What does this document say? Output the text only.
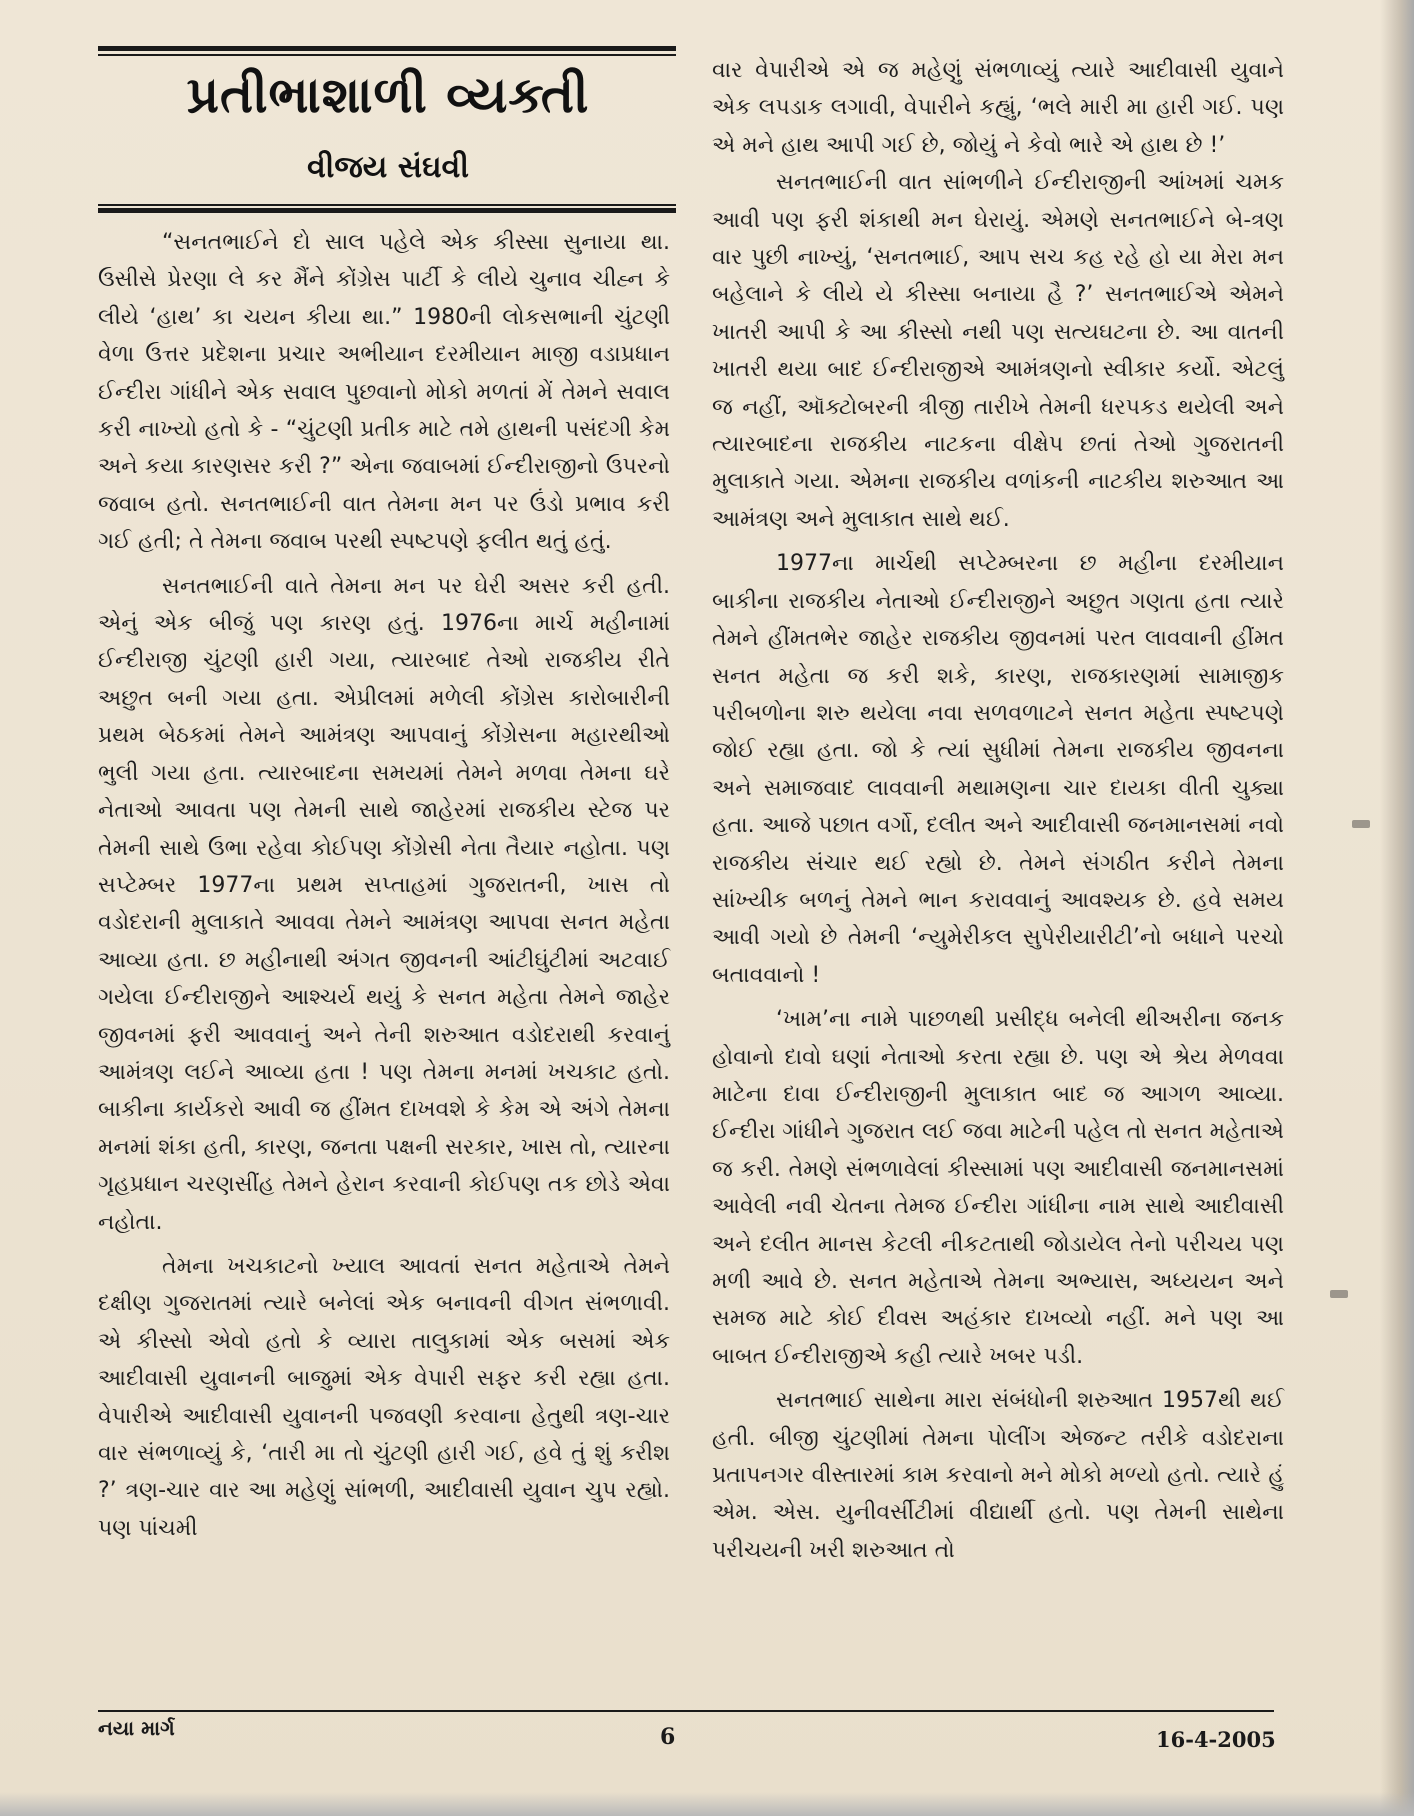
પ્રતીભાશાળી વ્યક્તી
વીજય સંઘવી

“સનતભાઈને દો સાલ પહેલે એક કીસ્સા સુનાયા થા. ઉસીસે પ્રેરણા લે કર મૈંને કોંગ્રેસ પાર્ટી કે લીયે ચુનાવ ચીહ્ન કે લીયે ‘હાથ’ કા ચયન કીયા થા.” 1980ની લોકસભાની ચુંટણી વેળા ઉત્તર પ્રદેશના પ્રચાર અભીયાન દરમીયાન માજી વડાપ્રધાન ઈન્દીરા ગાંધીને એક સવાલ પુછવાનો મોકો મળતાં મેં તેમને સવાલ કરી નાખ્યો હતો કે - “ચુંટણી પ્રતીક માટે તમે હાથની પસંદગી કેમ અને કયા કારણસર કરી ?” એના જવાબમાં ઈન્દીરાજીનો ઉપરનો જવાબ હતો. સનતભાઈની વાત તેમના મન પર ઉંડો પ્રભાવ કરી ગઈ હતી; તે તેમના જવાબ પરથી સ્પષ્ટપણે ફલીત થતું હતું.

સનતભાઈની વાતે તેમના મન પર ઘેરી અસર કરી હતી. એનું એક બીજું પણ કારણ હતું. 1976ના માર્ચ મહીનામાં ઈન્દીરાજી ચુંટણી હારી ગયા, ત્યારબાદ તેઓ રાજકીય રીતે અછુત બની ગયા હતા. એપ્રીલમાં મળેલી કોંગ્રેસ કારોબારીની પ્રથમ બેઠકમાં તેમને આમંત્રણ આપવાનું કોંગ્રેસના મહારથીઓ ભુલી ગયા હતા. ત્યારબાદના સમયમાં તેમને મળવા તેમના ઘરે નેતાઓ આવતા પણ તેમની સાથે જાહેરમાં રાજકીય સ્ટેજ પર તેમની સાથે ઉભા રહેવા કોઈપણ કોંગ્રેસી નેતા તૈયાર નહોતા. પણ સપ્ટેમ્બર 1977ના પ્રથમ સપ્તાહમાં ગુજરાતની, ખાસ તો વડોદરાની મુલાકાતે આવવા તેમને આમંત્રણ આપવા સનત મહેતા આવ્યા હતા. છ મહીનાથી અંગત જીવનની આંટીઘુંટીમાં અટવાઈ ગયેલા ઈન્દીરાજીને આશ્ચર્ય થયું કે સનત મહેતા તેમને જાહેર જીવનમાં ફરી આવવાનું અને તેની શરુઆત વડોદરાથી કરવાનું આમંત્રણ લઈને આવ્યા હતા ! પણ તેમના મનમાં ખચકાટ હતો. બાકીના કાર્યકરો આવી જ હીંમત દાખવશે કે કેમ એ અંગે તેમના મનમાં શંકા હતી, કારણ, જનતા પક્ષની સરકાર, ખાસ તો, ત્યારના ગૃહપ્રધાન ચરણસીંહ તેમને હેરાન કરવાની કોઈપણ તક છોડે એવા નહોતા.

તેમના ખચકાટનો ખ્યાલ આવતાં સનત મહેતાએ તેમને દક્ષીણ ગુજરાતમાં ત્યારે બનેલાં એક બનાવની વીગત સંભળાવી. એ કીસ્સો એવો હતો કે વ્યારા તાલુકામાં એક બસમાં એક આદીવાસી યુવાનની બાજુમાં એક વેપારી સફર કરી રહ્યા હતા. વેપારીએ આદીવાસી યુવાનની પજવણી કરવાના હેતુથી ત્રણ-ચાર વાર સંભળાવ્યું કે, ‘તારી મા તો ચુંટણી હારી ગઈ, હવે તું શું કરીશ ?’ ત્રણ-ચાર વાર આ મહેણું સાંભળી, આદીવાસી યુવાન ચુપ રહ્યો. પણ પાંચમી

વાર વેપારીએ એ જ મહેણું સંભળાવ્યું ત્યારે આદીવાસી યુવાને એક લપડાક લગાવી, વેપારીને કહ્યું, ‘ભલે મારી મા હારી ગઈ. પણ એ મને હાથ આપી ગઈ છે, જોયું ને કેવો ભારે એ હાથ છે !’

સનતભાઈની વાત સાંભળીને ઈન્દીરાજીની આંખમાં ચમક આવી પણ ફરી શંકાથી મન ઘેરાયું. એમણે સનતભાઈને બે-ત્રણ વાર પુછી નાખ્યું, ‘સનતભાઈ, આપ સચ કહ રહે હો યા મેરા મન બહેલાને કે લીયે યે કીસ્સા બનાયા હૈ ?’ સનતભાઈએ એમને ખાતરી આપી કે આ કીસ્સો નથી પણ સત્યઘટના છે. આ વાતની ખાતરી થયા બાદ ઈન્દીરાજીએ આમંત્રણનો સ્વીકાર કર્યો. એટલું જ નહીં, ઑક્ટોબરની ત્રીજી તારીખે તેમની ધરપકડ થયેલી અને ત્યારબાદના રાજકીય નાટકના વીક્ષેપ છતાં તેઓ ગુજરાતની મુલાકાતે ગયા. એમના રાજકીય વળાંકની નાટકીય શરુઆત આ આમંત્રણ અને મુલાકાત સાથે થઈ.

1977ના માર્ચથી સપ્ટેમ્બરના છ મહીના દરમીયાન બાકીના રાજકીય નેતાઓ ઈન્દીરાજીને અછુત ગણતા હતા ત્યારે તેમને હીંમતભેર જાહેર રાજકીય જીવનમાં પરત લાવવાની હીંમત સનત મહેતા જ કરી શકે, કારણ, રાજકારણમાં સામાજીક પરીબળોના શરુ થયેલા નવા સળવળાટને સનત મહેતા સ્પષ્ટપણે જોઈ રહ્યા હતા. જો કે ત્યાં સુધીમાં તેમના રાજકીય જીવનના અને સમાજવાદ લાવવાની મથામણના ચાર દાયકા વીતી ચુક્યા હતા. આજે પછાત વર્ગો, દલીત અને આદીવાસી જનમાનસમાં નવો રાજકીય સંચાર થઈ રહ્યો છે. તેમને સંગઠીત કરીને તેમના સાંખ્યીક બળનું તેમને ભાન કરાવવાનું આવશ્યક છે. હવે સમય આવી ગયો છે તેમની ‘ન્યુમેરીકલ સુપેરીયારીટી’નો બધાને પરચો બતાવવાનો !

‘ખામ’ના નામે પાછળથી પ્રસીદ્ધ બનેલી થીઅરીના જનક હોવાનો દાવો ઘણાં નેતાઓ કરતા રહ્યા છે. પણ એ શ્રેય મેળવવા માટેના દાવા ઈન્દીરાજીની મુલાકાત બાદ જ આગળ આવ્યા. ઈન્દીરા ગાંધીને ગુજરાત લઈ જવા માટેની પહેલ તો સનત મહેતાએ જ કરી. તેમણે સંભળાવેલાં કીસ્સામાં પણ આદીવાસી જનમાનસમાં આવેલી નવી ચેતના તેમજ ઈન્દીરા ગાંધીના નામ સાથે આદીવાસી અને દલીત માનસ કેટલી નીકટતાથી જોડાયેલ તેનો પરીચય પણ મળી આવે છે. સનત મહેતાએ તેમના અભ્યાસ, અધ્યયન અને સમજ માટે કોઈ દીવસ અહંકાર દાખવ્યો નહીં. મને પણ આ બાબત ઈન્દીરાજીએ કહી ત્યારે ખબર પડી.

સનતભાઈ સાથેના મારા સંબંધોની શરુઆત 1957થી થઈ હતી. બીજી ચુંટણીમાં તેમના પોલીંગ એજન્ટ તરીકે વડોદરાના પ્રતાપનગર વીસ્તારમાં કામ કરવાનો મને મોકો મળ્યો હતો. ત્યારે હું એમ. એસ. યુનીવર્સીટીમાં વીદ્યાર્થી હતો. પણ તેમની સાથેના પરીચયની ખરી શરુઆત તો

નયા માર્ગ	6	16-4-2005
